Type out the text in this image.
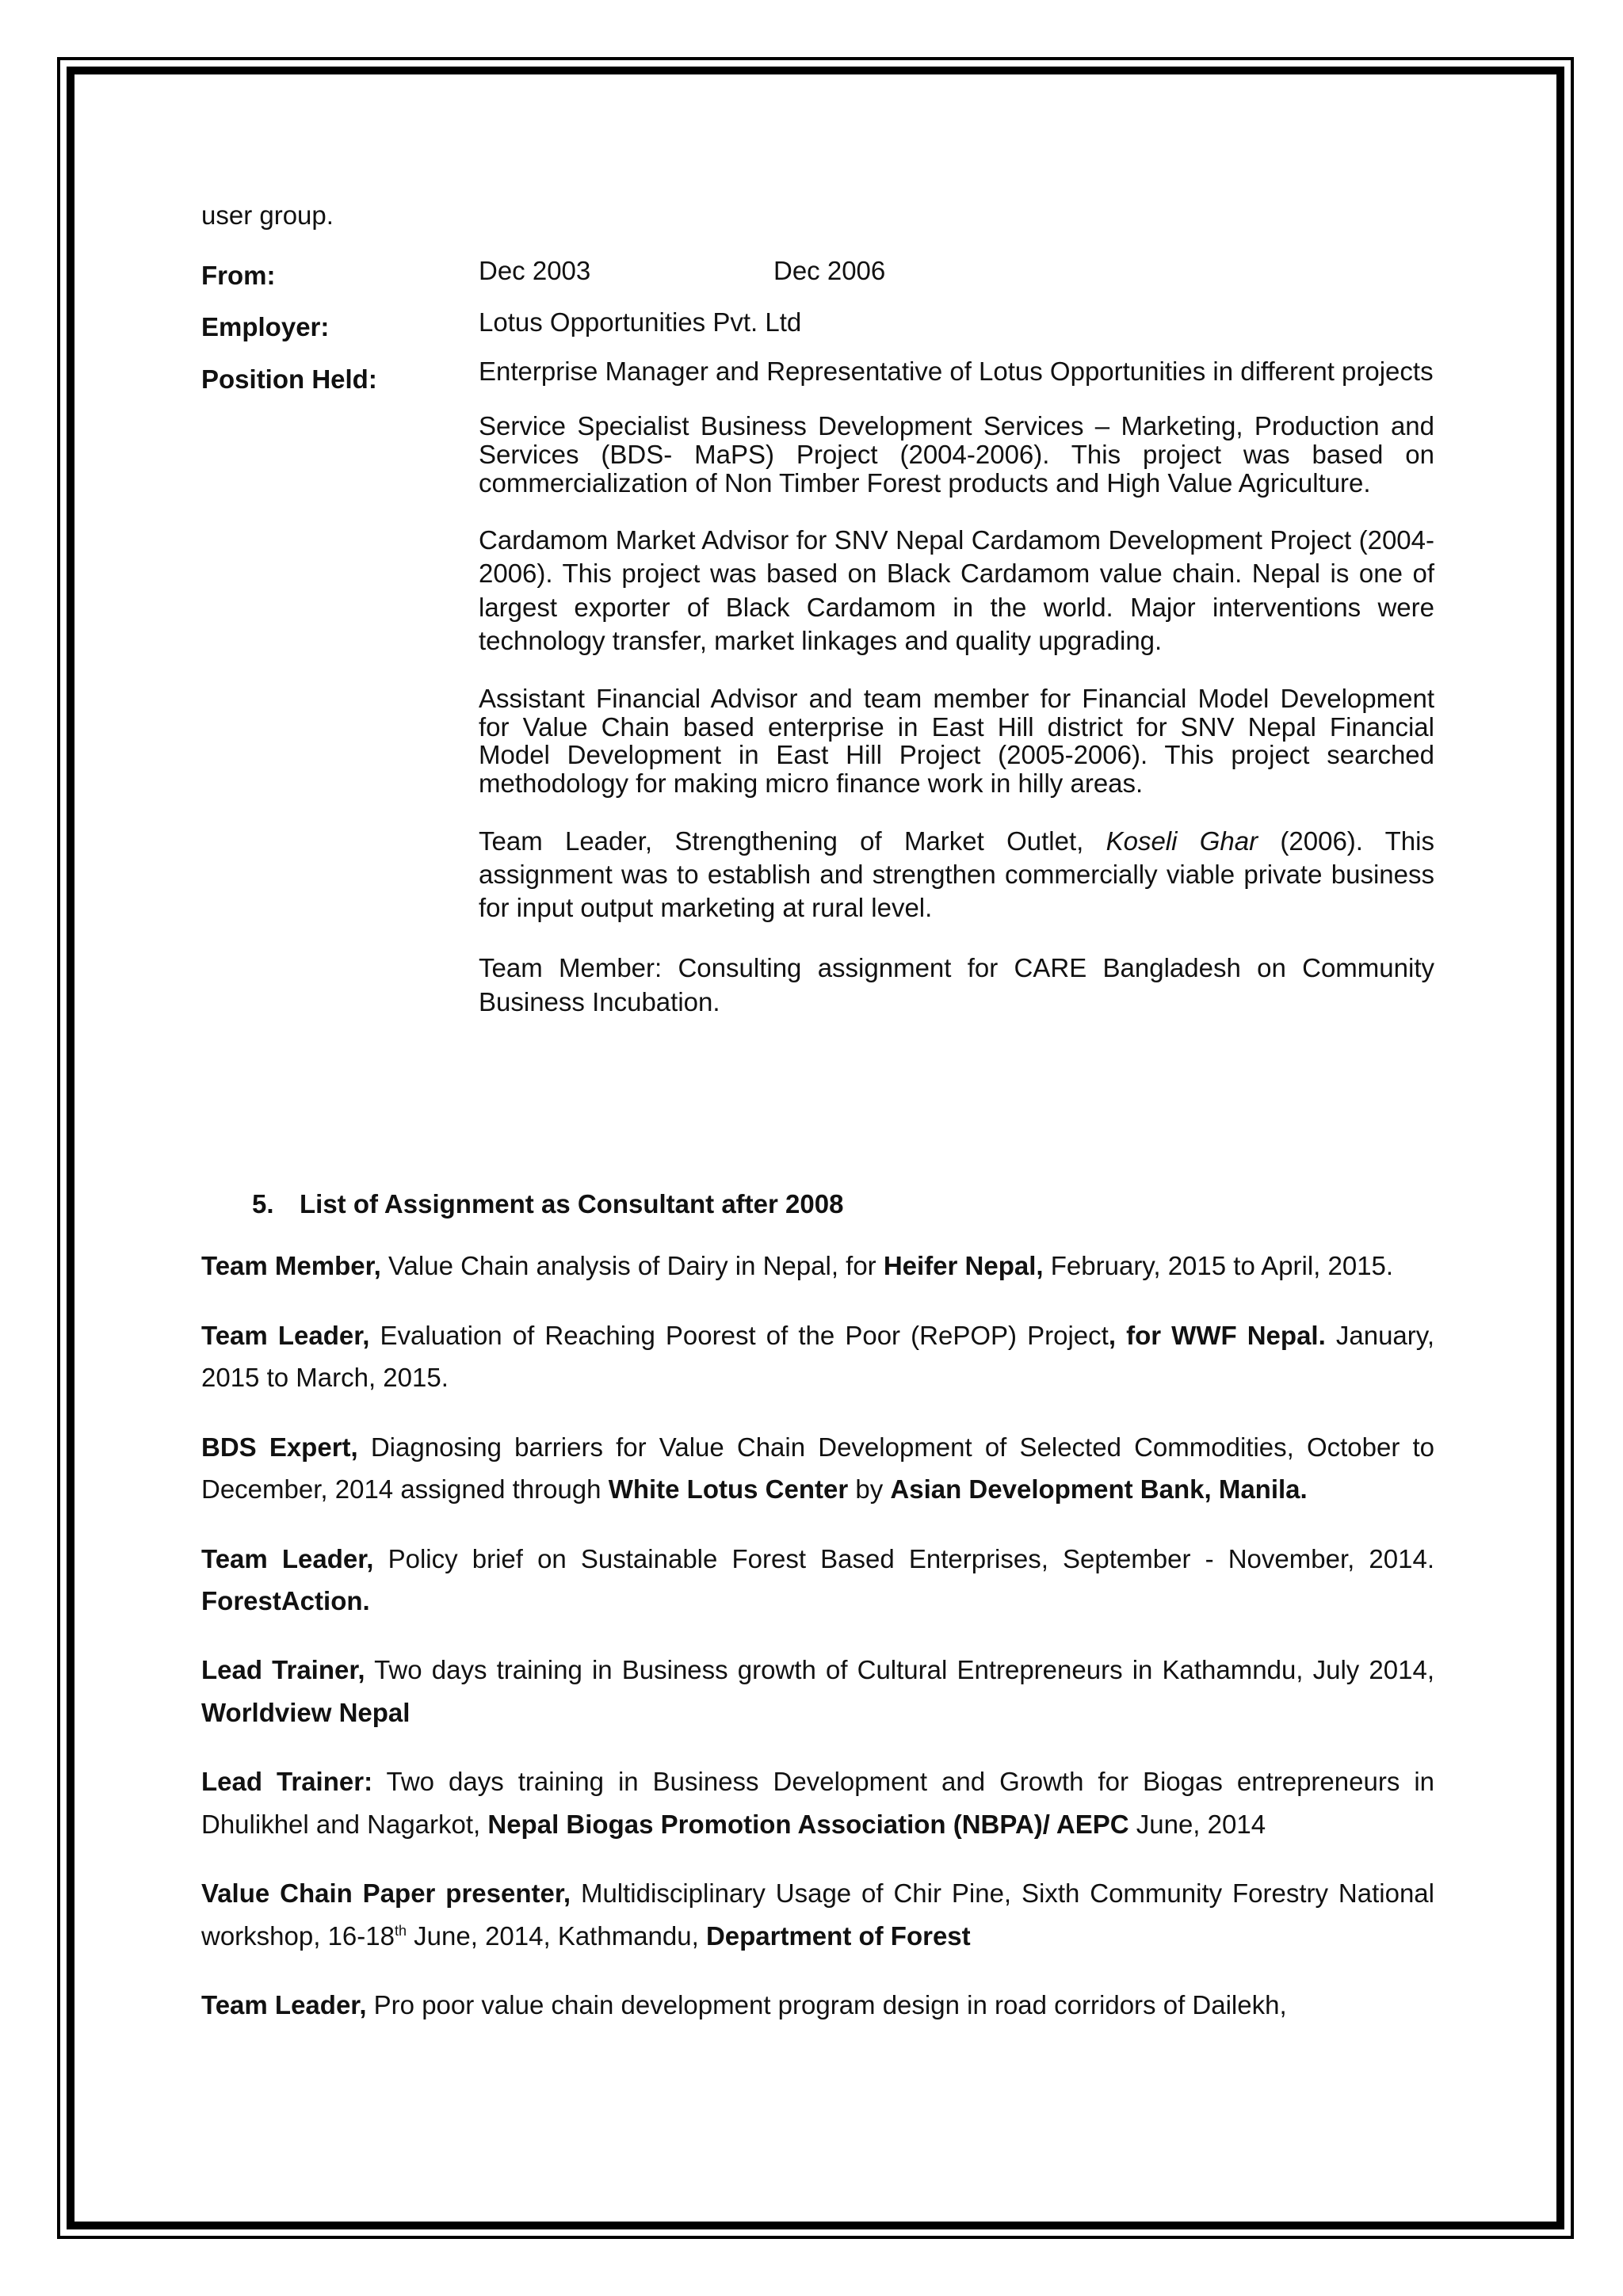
user group.

From:	Dec 2003	Dec 2006
Employer:	Lotus Opportunities Pvt. Ltd
Position Held:	Enterprise Manager and Representative of Lotus Opportunities in different projects

Service Specialist Business Development Services – Marketing, Production and Services (BDS- MaPS) Project (2004-2006). This project was based on commercialization of Non Timber Forest products and High Value Agriculture.

Cardamom Market Advisor for SNV Nepal Cardamom Development Project (2004-2006). This project was based on Black Cardamom value chain. Nepal is one of largest exporter of Black Cardamom in the world. Major interventions were technology transfer, market linkages and quality upgrading.

Assistant Financial Advisor and team member for Financial Model Development for Value Chain based enterprise in East Hill district for SNV Nepal Financial Model Development in East Hill Project (2005-2006). This project searched methodology for making micro finance work in hilly areas.

Team Leader, Strengthening of Market Outlet, Koseli Ghar (2006). This assignment was to establish and strengthen commercially viable private business for input output marketing at rural level.

Team Member: Consulting assignment for CARE Bangladesh on Community Business Incubation.

5. List of Assignment as Consultant after 2008

Team Member, Value Chain analysis of Dairy in Nepal, for Heifer Nepal, February, 2015 to April, 2015.

Team Leader, Evaluation of Reaching Poorest of the Poor (RePOP) Project, for WWF Nepal. January, 2015 to March, 2015.

BDS Expert, Diagnosing barriers for Value Chain Development of Selected Commodities, October to December, 2014 assigned through White Lotus Center by Asian Development Bank, Manila.

Team Leader, Policy brief on Sustainable Forest Based Enterprises, September - November, 2014. ForestAction.

Lead Trainer, Two days training in Business growth of Cultural Entrepreneurs in Kathamndu, July 2014, Worldview Nepal

Lead Trainer: Two days training in Business Development and Growth for Biogas entrepreneurs in Dhulikhel and Nagarkot, Nepal Biogas Promotion Association (NBPA)/ AEPC June, 2014

Value Chain Paper presenter, Multidisciplinary Usage of Chir Pine, Sixth Community Forestry National workshop, 16-18th June, 2014, Kathmandu, Department of Forest

Team Leader, Pro poor value chain development program design in road corridors of Dailekh,
